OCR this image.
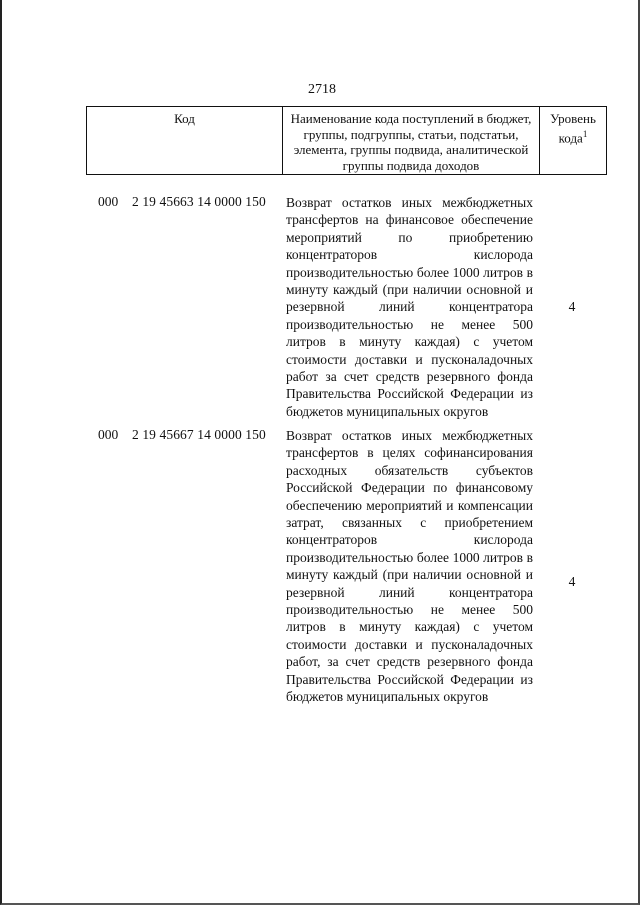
2718
Код	Наименование кода поступлений в бюджет, группы, подгруппы, статьи, подстатьи, элемента, группы подвида, аналитической группы подвида доходов
Уровень кода$^1$
000 2 19 45663 14 0000 150 Возврат остатков иных межбюджетных трансфертов на финансовое обеспечение мероприятий по приобретению концентраторов кислорода производительностью более 1000 литров в минуту каждый (при наличии основной и резервной линий концентратора производительностью не менее 500 литров в минуту каждая) с учетом стоимости доставки и пусконаладочных работ за счет средств резервного фонда Правительства Российской Федерации из бюджетов муниципальных округов
4
000 2 19 45667 14 0000 150 Возврат остатков иных межбюджетных трансфертов в целях софинансирования расходных обязательств субъектов Российской Федерации по финансовому обеспечению мероприятий и компенсации затрат, связанных с приобретением концентраторов кислорода производительностью более 1000 литров в минуту каждый (при наличии основной и резервной линий концентратора производительностью не менее 500 литров в минуту каждая) с учетом стоимости доставки и пусконаладочных работ, за счет средств резервного фонда Правительства Российской Федерации из бюджетов муниципальных округов
4
